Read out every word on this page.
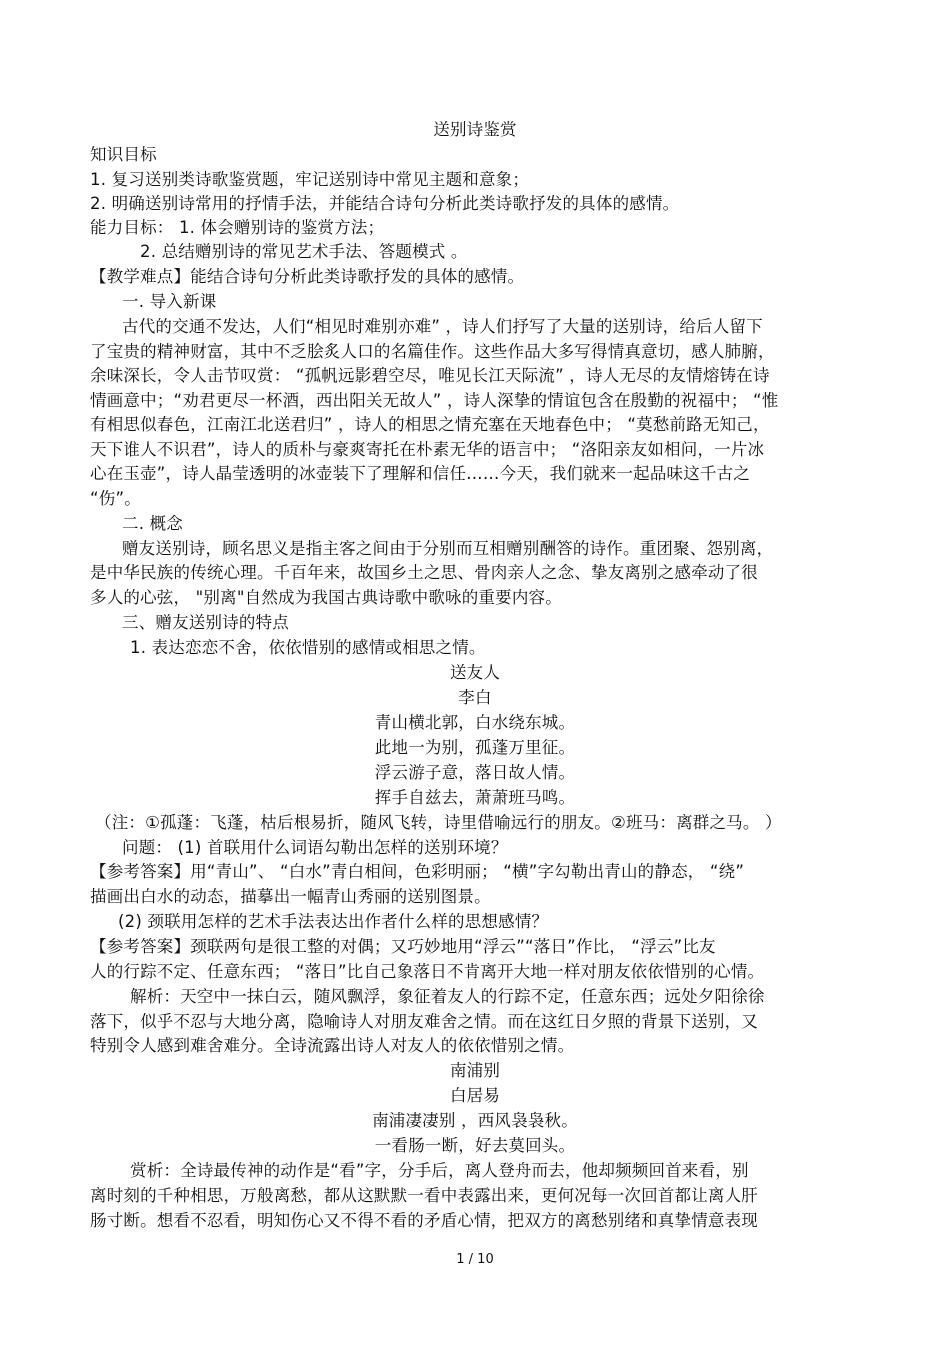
送别诗鉴赏

知识目标

1. 复习送别类诗歌鉴赏题，牢记送别诗中常见主题和意象；

2. 明确送别诗常用的抒情手法，并能结合诗句分析此类诗歌抒发的具体的感情。

能力目标： 1. 体会赠别诗的鉴赏方法；

2. 总结赠别诗的常见艺术手法、答题模式 。

【教学难点】能结合诗句分析此类诗歌抒发的具体的感情。

一. 导入新课

古代的交通不发达，人们“相见时难别亦难” ，诗人们抒写了大量的送别诗，给后人留下

了宝贵的精神财富，其中不乏脍炙人口的名篇佳作。这些作品大多写得情真意切，感人肺腑，

余味深长，令人击节叹赏： “孤帆远影碧空尽，唯见长江天际流” ，诗人无尽的友情熔铸在诗

情画意中；“劝君更尽一杯酒，西出阳关无故人” ，诗人深挚的情谊包含在殷勤的祝福中； “惟

有相思似春色，江南江北送君归” ，诗人的相思之情充塞在天地春色中； “莫愁前路无知己，

天下谁人不识君”，诗人的质朴与豪爽寄托在朴素无华的语言中； “洛阳亲友如相问，一片冰

心在玉壶”，诗人晶莹透明的冰壶装下了理解和信任……今天，我们就来一起品味这千古之

“伤”。

二. 概念

赠友送别诗，顾名思义是指主客之间由于分别而互相赠别酬答的诗作。重团聚、怨别离，

是中华民族的传统心理。千百年来，故国乡土之思、骨肉亲人之念、挚友离别之感牵动了很

多人的心弦， "别离"自然成为我国古典诗歌中歌咏的重要内容。

三、赠友送别诗的特点

1. 表达恋恋不舍，依依惜别的感情或相思之情。

送友人

李白

青山横北郭，白水绕东城。

此地一为别，孤蓬万里征。

浮云游子意，落日故人情。

挥手自兹去，萧萧班马鸣。

（注：①孤蓬：飞蓬，枯后根易折，随风飞转，诗里借喻远行的朋友。②班马：离群之马。 ）

问题： (1) 首联用什么词语勾勒出怎样的送别环境？

【参考答案】用“青山”、 “白水”青白相间，色彩明丽； “横”字勾勒出青山的静态， “绕”

描画出白水的动态，描摹出一幅青山秀丽的送别图景。

(2) 颈联用怎样的艺术手法表达出作者什么样的思想感情？

【参考答案】颈联两句是很工整的对偶；又巧妙地用“浮云”“落日”作比， “浮云”比友

人的行踪不定、任意东西； “落日”比自己象落日不肯离开大地一样对朋友依依惜别的心情。

解析：天空中一抹白云，随风飘浮，象征着友人的行踪不定，任意东西；远处夕阳徐徐

落下，似乎不忍与大地分离，隐喻诗人对朋友难舍之情。而在这红日夕照的背景下送别，又

特别令人感到难舍难分。全诗流露出诗人对友人的依依惜别之情。

南浦别

白居易

南浦凄凄别 ，西风袅袅秋。

一看肠一断，好去莫回头。

赏析：全诗最传神的动作是“看”字，分手后，离人登舟而去，他却频频回首来看，别

离时刻的千种相思，万般离愁，都从这默默一看中表露出来，更何况每一次回首都让离人肝

肠寸断。想看不忍看，明知伤心又不得不看的矛盾心情，把双方的离愁别绪和真挚情意表现

1 / 10
